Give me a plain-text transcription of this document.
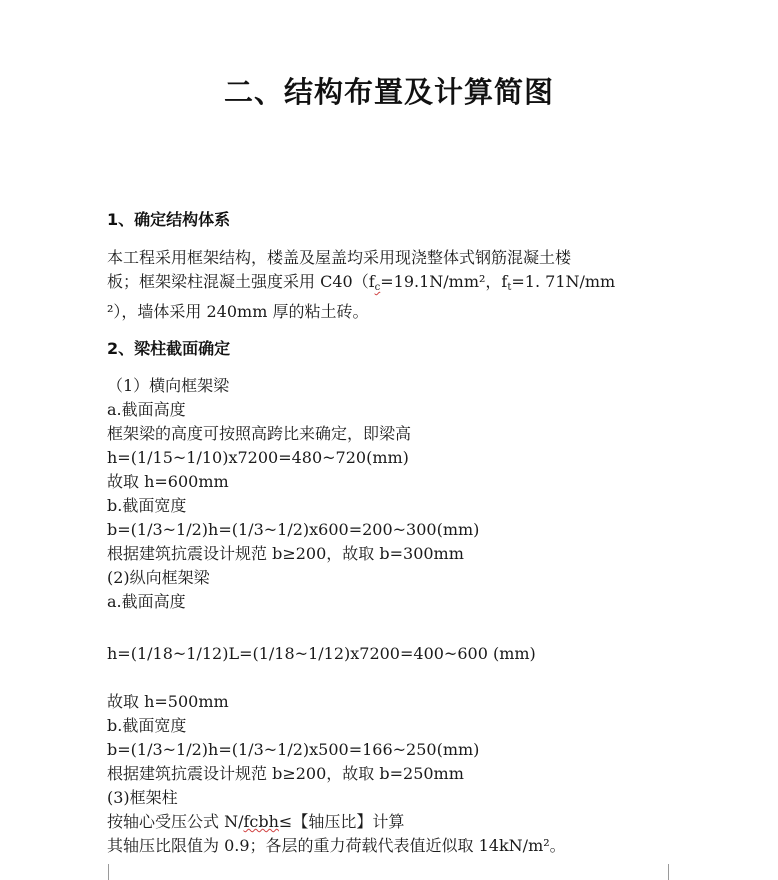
二、结构布置及计算简图
1、确定结构体系
本工程采用框架结构，楼盖及屋盖均采用现浇整体式钢筋混凝土楼
板；框架梁柱混凝土强度采用 $C40(f_c=19.1N$/mm²，$f_t=1$. 71N/mm
²），墙体采用 240mm 厚的粘土砖。
2、梁柱截面确定
（1）横向框架梁
a.截面高度
框架梁的高度可按照高跨比来确定，即梁高
h=(1/15~1/10)x7200=480~720(mm)
故取 h=600mm
b.截面宽度
b=(1/3~1/2)h=(1/3~1/2)x600=200~300(mm)
根据建筑抗震设计规范 b≥200，故取 b=300mm
(2)纵向框架梁
a.截面高度
h=(1/18~1/12)L=(1/18~1/12)x7200=400~600 (mm)
故取 h=500mm
b.截面宽度
b=(1/3~1/2)h=(1/3~1/2)x500=166~250(mm)
根据建筑抗震设计规范 b≥200，故取 b=250mm
(3)框架柱
按轴心受压公式 N/fcbh≤【轴压比】计算
其轴压比限值为 0.9；各层的重力荷载代表值近似取 14kN/m²。
